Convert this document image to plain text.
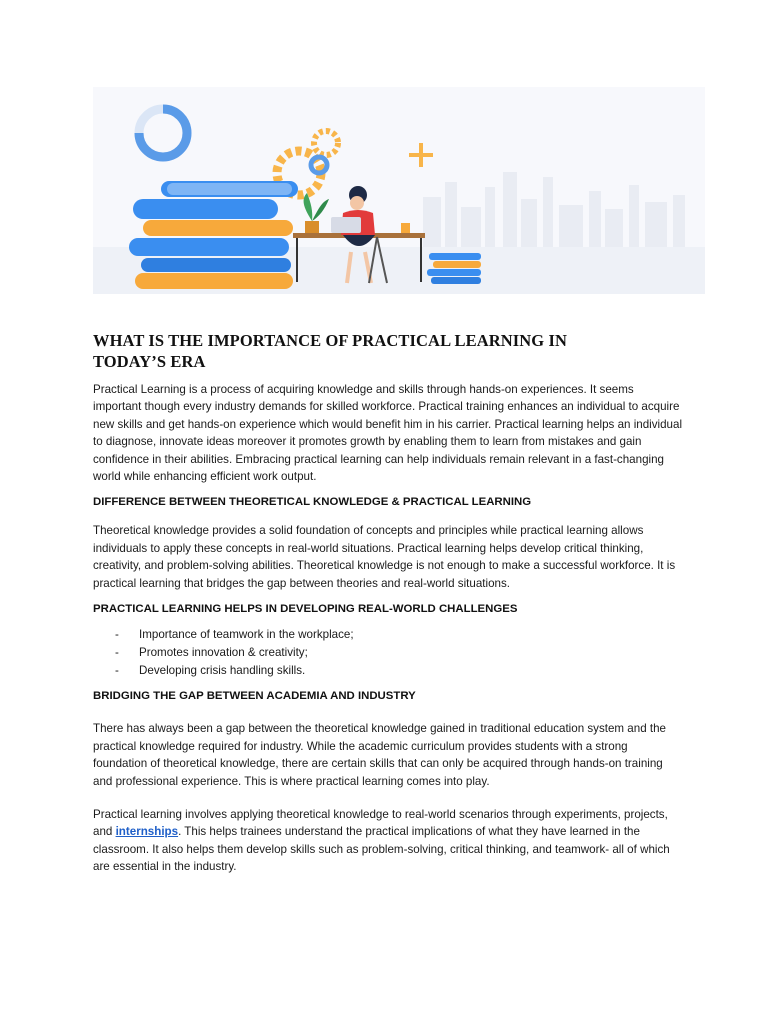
WHAT IS THE IMPORTANCE OF PRACTICAL LEARNING IN
TODAY’S ERA

Practical Learning is a process of acquiring knowledge and skills through hands-on experiences. It seems important though every industry demands for skilled workforce. Practical training enhances an individual to acquire new skills and get hands-on experience which would benefit him in his carrier. Practical learning helps an individual to diagnose, innovate ideas moreover it promotes growth by enabling them to learn from mistakes and gain confidence in their abilities. Embracing practical learning can help individuals remain relevant in a fast-changing world while enhancing efficient work output.

DIFFERENCE BETWEEN THEORETICAL KNOWLEDGE & PRACTICAL LEARNING

Theoretical knowledge provides a solid foundation of concepts and principles while practical learning allows individuals to apply these concepts in real-world situations. Practical learning helps develop critical thinking, creativity, and problem-solving abilities. Theoretical knowledge is not enough to make a successful workforce. It is practical learning that bridges the gap between theories and real-world situations.

PRACTICAL LEARNING HELPS IN DEVELOPING REAL-WORLD CHALLENGES
- Importance of teamwork in the workplace;
- Promotes innovation & creativity;
- Developing crisis handling skills.
BRIDGING THE GAP BETWEEN ACADEMIA AND INDUSTRY

There has always been a gap between the theoretical knowledge gained in traditional education system and the practical knowledge required for industry. While the academic curriculum provides students with a strong foundation of theoretical knowledge, there are certain skills that can only be acquired through hands-on training and professional experience. This is where practical learning comes into play.

Practical learning involves applying theoretical knowledge to real-world scenarios through experiments, projects, and internships. This helps trainees understand the practical implications of what they have learned in the classroom. It also helps them develop skills such as problem-solving, critical thinking, and teamwork- all of which are essential in the industry.
